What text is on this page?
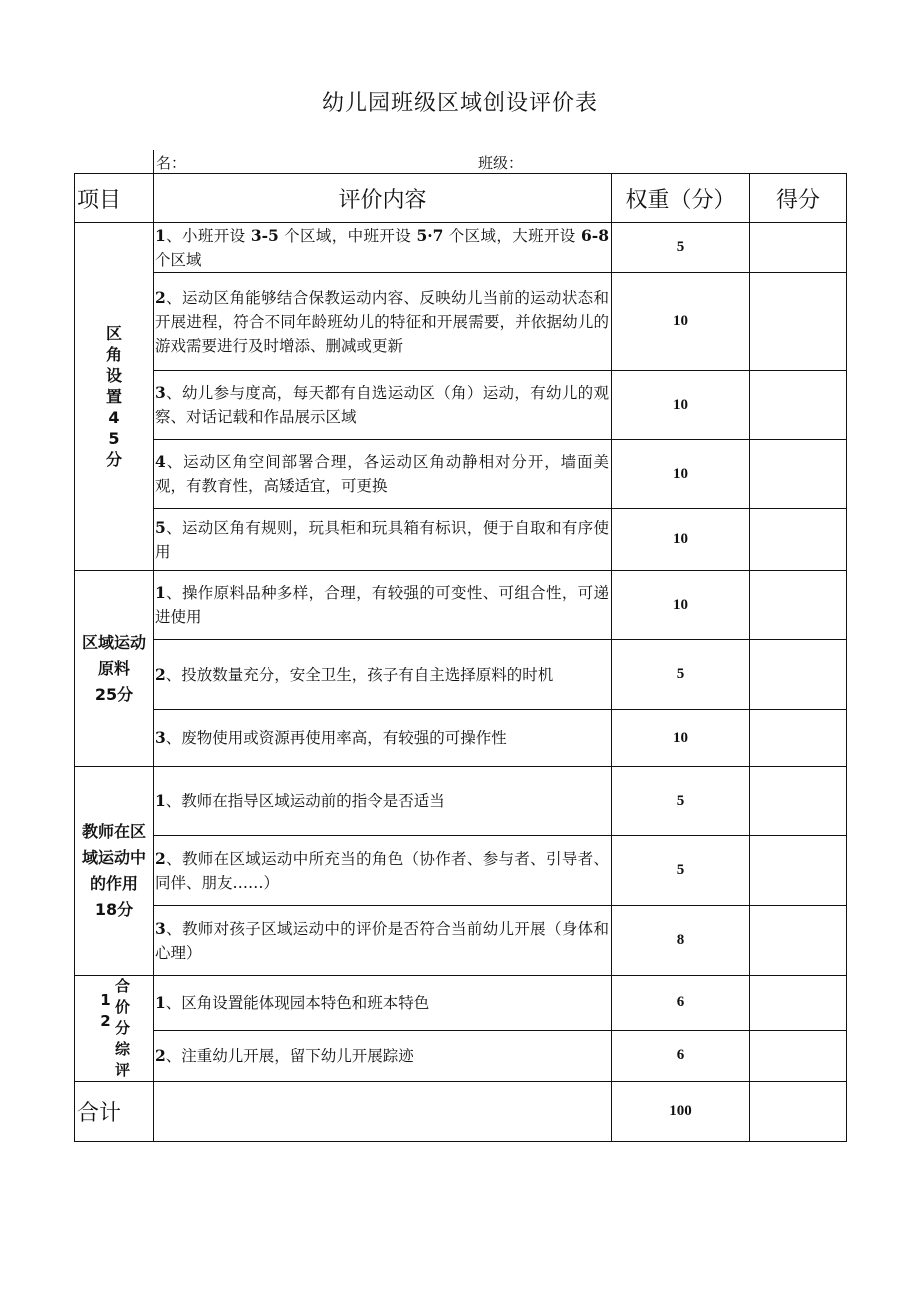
幼儿园班级区域创设评价表
名：	班级：
项目	评价内容	权重（分）	得分
区角设置45分	1、小班开设 3-5 个区域，中班开设 5·7 个区域，大班开设 6-8 个区域	5	
	2、运动区角能够结合保教运动内容、反映幼儿当前的运动状态和开展进程，符合不同年龄班幼儿的特征和开展需要，并依据幼儿的游戏需要进行及时增添、删减或更新	10	
	3、幼儿参与度高，每天都有自选运动区（角）运动，有幼儿的观察、对话记载和作品展示区域	10	
	4、运动区角空间部署合理，各运动区角动静相对分开，墙面美观，有教育性，高矮适宜，可更换	10	
	5、运动区角有规则，玩具柜和玩具箱有标识，便于自取和有序使用	10	

区域运动
原料
25分	1、操作原料品种多样，合理，有较强的可变性、可组合性，可递进使用	10	
	2、投放数量充分，安全卫生，孩子有自主选择原料的时机	5	
	3、废物使用或资源再使用率高，有较强的可操作性	10	

教师在区
域运动中
的作用
18分	1、教师在指导区域运动前的指令是否适当	5	
	2、教师在区域运动中所充当的角色（协作者、参与者、引导者、同伴、朋友……）	5	
	3、教师对孩子区域运动中的评价是否符合当前幼儿开展（身体和心理）	8	

合价分综评
12	1、区角设置能体现园本特色和班本特色	6	
	2、注重幼儿开展，留下幼儿开展踪迹	6	
合计		100	
